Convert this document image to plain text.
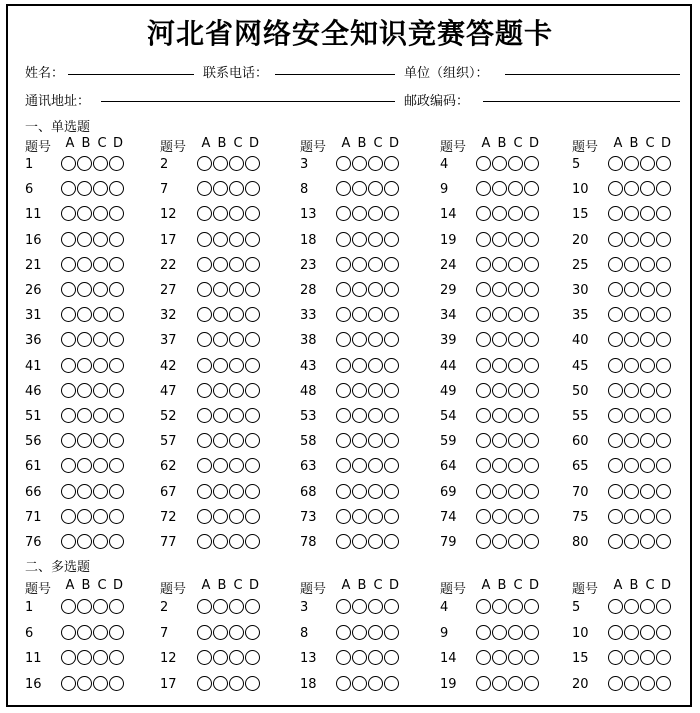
河北省网络安全知识竞赛答题卡
姓名：	联系电话：	单位（组织）：
通讯地址：	邮政编码：
一、单选题
二、多选题
题号 A B C D	题号 A B C D	题号 A B C D	题号 A B C D	题号 A B C D
1	2	3	4	5
6	7	8	9	10
11	12	13	14	15
16	17	18	19	20
21	22	23	24	25
26	27	28	29	30
31	32	33	34	35
36	37	38	39	40
41	42	43	44	45
46	47	48	49	50
51	52	53	54	55
56	57	58	59	60
61	62	63	64	65
66	67	68	69	70
71	72	73	74	75
76	77	78	79	80
题号 A B C D	题号 A B C D	题号 A B C D	题号 A B C D	题号 A B C D
1	2	3	4	5
6	7	8	9	10
11	12	13	14	15
16	17	18	19	20
